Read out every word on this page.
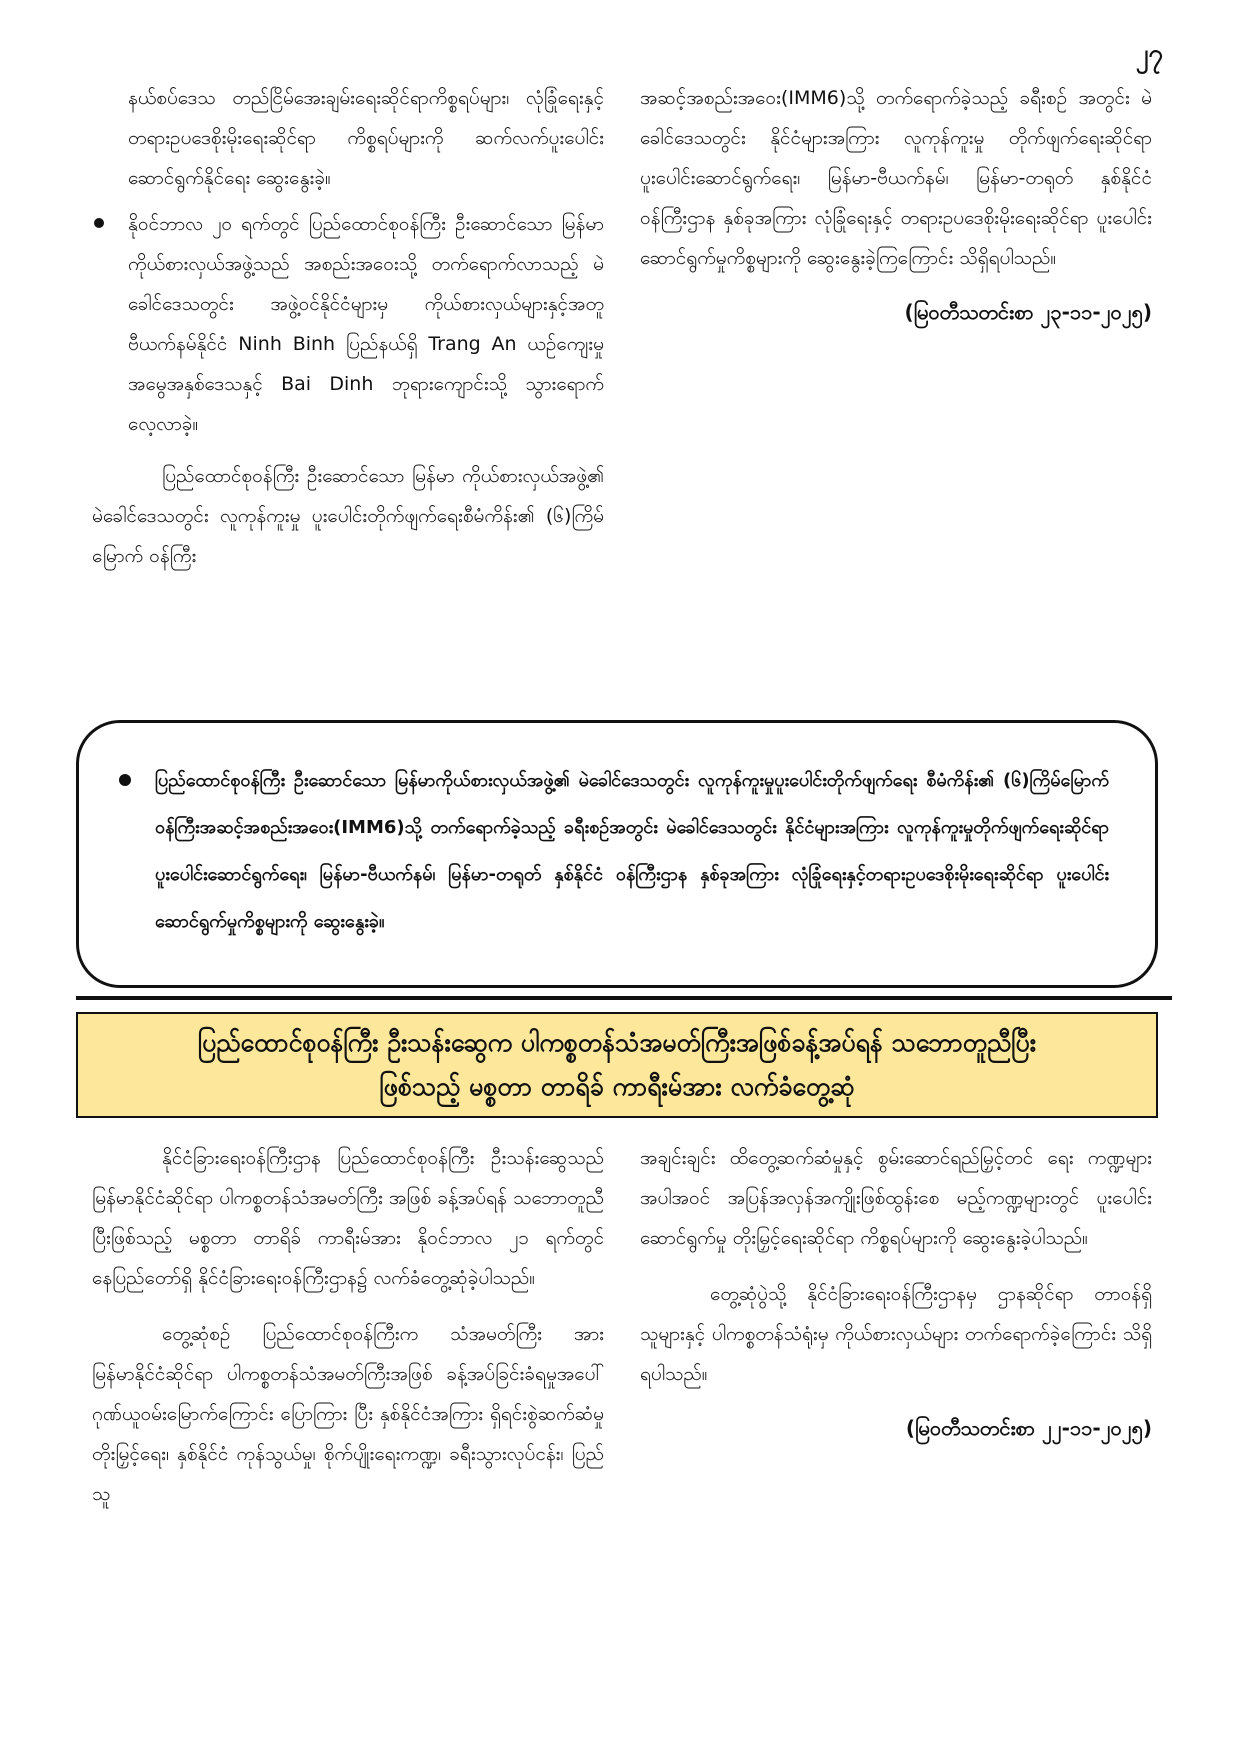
၂၇

နယ်စပ်ဒေသ တည်ငြိမ်အေးချမ်းရေးဆိုင်ရာကိစ္စရပ်များ၊ လုံခြုံရေးနှင့်တရားဥပဒေစိုးမိုးရေးဆိုင်ရာ ကိစ္စရပ်များကို ဆက်လက်ပူးပေါင်းဆောင်ရွက်နိုင်ရေး ဆွေးနွေးခဲ့။

နိုဝင်ဘာလ ၂၀ ရက်တွင် ပြည်ထောင်စုဝန်ကြီး ဦးဆောင်သော မြန်မာကိုယ်စားလှယ်အဖွဲ့သည် အစည်းအဝေးသို့ တက်ရောက်လာသည့် မဲခေါင်ဒေသတွင်း အဖွဲ့ဝင်နိုင်ငံများမှ ကိုယ်စားလှယ်များနှင့်အတူ ဗီယက်နမ်နိုင်ငံ Ninh Binh ပြည်နယ်ရှိ Trang An ယဉ်ကျေးမှု အမွေအနှစ်ဒေသနှင့် Bai Dinh ဘုရားကျောင်းသို့ သွားရောက်လေ့လာခဲ့။

ပြည်ထောင်စုဝန်ကြီး ဦးဆောင်သော မြန်မာ ကိုယ်စားလှယ်အဖွဲ့၏ မဲခေါင်ဒေသတွင်း လူကုန်ကူးမှု ပူးပေါင်းတိုက်ဖျက်ရေးစီမံကိန်း၏ (၆)ကြိမ်မြောက် ဝန်ကြီး

အဆင့်အစည်းအဝေး(IMM6)သို့ တက်ရောက်ခဲ့သည့် ခရီးစဉ် အတွင်း မဲခေါင်ဒေသတွင်း နိုင်ငံများအကြား လူကုန်ကူးမှု တိုက်ဖျက်ရေးဆိုင်ရာ ပူးပေါင်းဆောင်ရွက်ရေး၊ မြန်မာ-ဗီယက်နမ်၊ မြန်မာ-တရုတ် နှစ်နိုင်ငံဝန်ကြီးဌာန နှစ်ခုအကြား လုံခြုံရေးနှင့် တရားဥပဒေစိုးမိုးရေးဆိုင်ရာ ပူးပေါင်းဆောင်ရွက်မှုကိစ္စများကို ဆွေးနွေးခဲ့ကြကြောင်း သိရှိရပါသည်။

(မြဝတီသတင်းစာ ၂၃-၁၁-၂၀၂၅)

ပြည်ထောင်စုဝန်ကြီး ဦးဆောင်သော မြန်မာကိုယ်စားလှယ်အဖွဲ့၏ မဲခေါင်ဒေသတွင်း လူကုန်ကူးမှုပူးပေါင်းတိုက်ဖျက်ရေး စီမံကိန်း၏ (၆)ကြိမ်မြောက်ဝန်ကြီးအဆင့်အစည်းအဝေး(IMM6)သို့ တက်ရောက်ခဲ့သည့် ခရီးစဉ်အတွင်း မဲခေါင်ဒေသတွင်း နိုင်ငံများအကြား လူကုန်ကူးမှုတိုက်ဖျက်ရေးဆိုင်ရာ ပူးပေါင်းဆောင်ရွက်ရေး၊ မြန်မာ-ဗီယက်နမ်၊ မြန်မာ-တရုတ် နှစ်နိုင်ငံ ဝန်ကြီးဌာန နှစ်ခုအကြား လုံခြုံရေးနှင့်တရားဥပဒေစိုးမိုးရေးဆိုင်ရာ ပူးပေါင်းဆောင်ရွက်မှုကိစ္စများကို ဆွေးနွေးခဲ့။
ပြည်ထောင်စုဝန်ကြီး ဦးသန်းဆွေက ပါကစ္စတန်သံအမတ်ကြီးအဖြစ်ခန့်အပ်ရန် သဘောတူညီပြီး
ဖြစ်သည့် မစ္စတာ တာရိခ် ကာရီးမ်အား လက်ခံတွေ့ဆုံ

နိုင်ငံခြားရေးဝန်ကြီးဌာန ပြည်ထောင်စုဝန်ကြီး ဦးသန်းဆွေသည် မြန်မာနိုင်ငံဆိုင်ရာ ပါကစ္စတန်သံအမတ်ကြီး အဖြစ် ခန့်အပ်ရန် သဘောတူညီပြီးဖြစ်သည့် မစ္စတာ တာရိခ် ကာရီးမ်အား နိုဝင်ဘာလ ၂၁ ရက်တွင် နေပြည်တော်ရှိ နိုင်ငံခြားရေးဝန်ကြီးဌာန၌ လက်ခံတွေ့ဆုံခဲ့ပါသည်။

တွေ့ဆုံစဉ် ပြည်ထောင်စုဝန်ကြီးက သံအမတ်ကြီး အား မြန်မာနိုင်ငံဆိုင်ရာ ပါကစ္စတန်သံအမတ်ကြီးအဖြစ် ခန့်အပ်ခြင်းခံရမှုအပေါ် ဂုဏ်ယူဝမ်းမြောက်ကြောင်း ပြောကြား ပြီး နှစ်နိုင်ငံအကြား ရှိရင်းစွဲဆက်ဆံမှုတိုးမြှင့်ရေး၊ နှစ်နိုင်ငံ ကုန်သွယ်မှု၊ စိုက်ပျိုးရေးကဏ္ဍ၊ ခရီးသွားလုပ်ငန်း၊ ပြည်သူ

အချင်းချင်း ထိတွေ့ဆက်ဆံမှုနှင့် စွမ်းဆောင်ရည်မြှင့်တင် ရေး ကဏ္ဍများအပါအဝင် အပြန်အလှန်အကျိုးဖြစ်ထွန်းစေ မည့်ကဏ္ဍများတွင် ပူးပေါင်းဆောင်ရွက်မှု တိုးမြှင့်ရေးဆိုင်ရာ ကိစ္စရပ်များကို ဆွေးနွေးခဲ့ပါသည်။

တွေ့ဆုံပွဲသို့ နိုင်ငံခြားရေးဝန်ကြီးဌာနမှ ဌာနဆိုင်ရာ တာဝန်ရှိသူများနှင့် ပါကစ္စတန်သံရုံးမှ ကိုယ်စားလှယ်များ တက်ရောက်ခဲ့ကြောင်း သိရှိရပါသည်။

(မြဝတီသတင်းစာ ၂၂-၁၁-၂၀၂၅)
